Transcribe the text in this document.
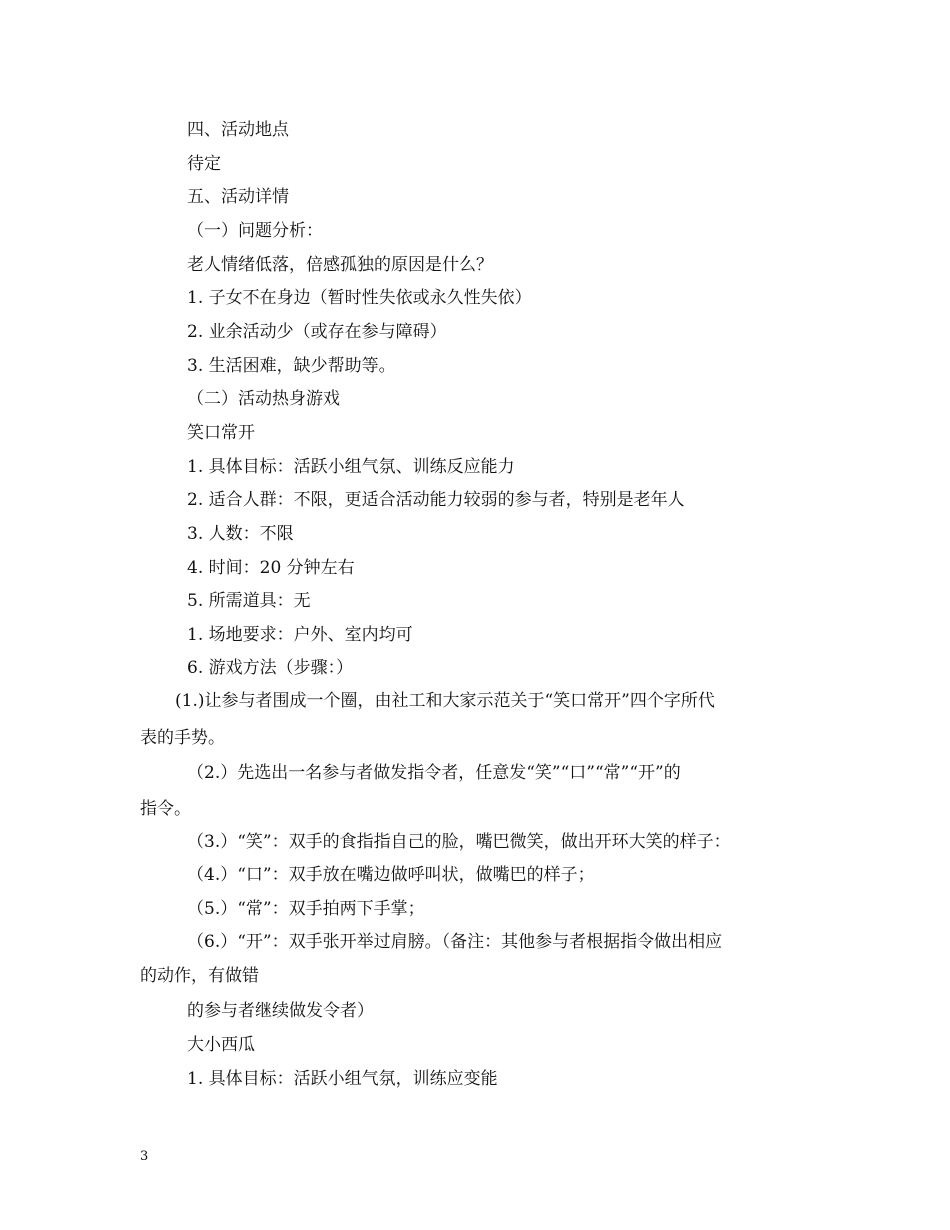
四、活动地点
待定
五、活动详情
（一）问题分析：
老人情绪低落，倍感孤独的原因是什么？
1. 子女不在身边（暂时性失依或永久性失依）
2. 业余活动少（或存在参与障碍）
3. 生活困难，缺少帮助等。
（二）活动热身游戏
笑口常开
1. 具体目标：活跃小组气氛、训练反应能力
2. 适合人群：不限，更适合活动能力较弱的参与者，特别是老年人
3. 人数：不限
4. 时间：20 分钟左右
5. 所需道具：无
1. 场地要求：户外、室内均可
6. 游戏方法（步骤：）
(1.)让参与者围成一个圈，由社工和大家示范关于“笑口常开”四个字所代
表的手势。
（2.）先选出一名参与者做发指令者，任意发“笑”“口”“常”“开”的
指令。
（3.）“笑”：双手的食指指自己的脸，嘴巴微笑，做出开环大笑的样子：
（4.）“口”：双手放在嘴边做呼叫状，做嘴巴的样子；
（5.）“常”：双手拍两下手掌；
（6.）“开”：双手张开举过肩膀。（备注：其他参与者根据指令做出相应
的动作，有做错
的参与者继续做发令者）
大小西瓜
1. 具体目标：活跃小组气氛，训练应变能
3
